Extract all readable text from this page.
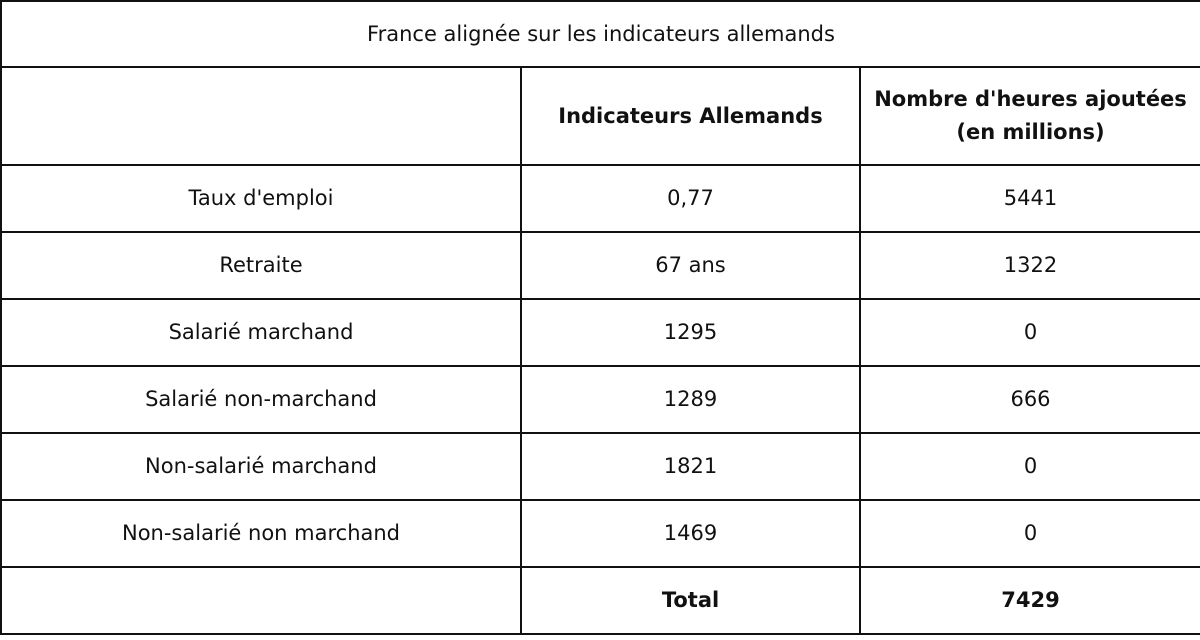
France alignée sur les indicateurs allemands		
	Indicateurs Allemands	Nombre d'heures ajoutées
(en millions)

Taux d'emploi	0,77	5441
Retraite	67 ans	1322
Salarié marchand	1295	0
Salarié non-marchand	1289	666
Non-salarié marchand	1821	0
Non-salarié non marchand	1469	0
	Total	7429
